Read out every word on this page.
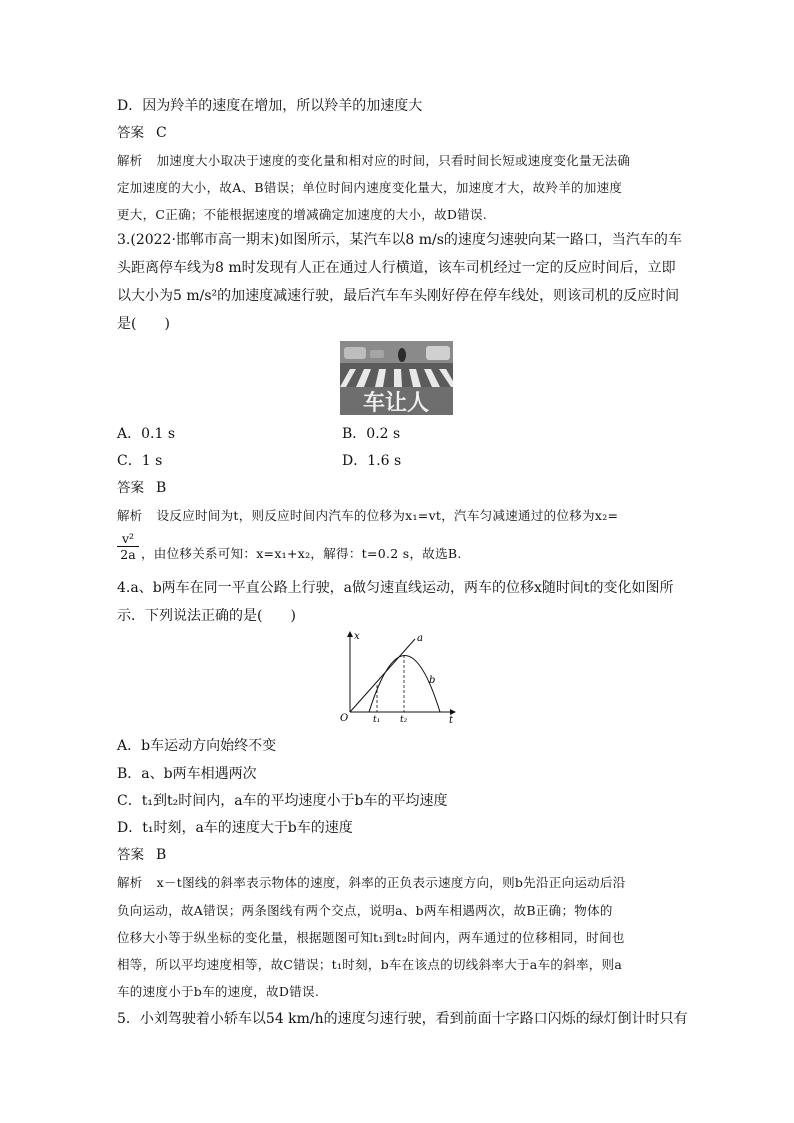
D．因为羚羊的速度在增加，所以羚羊的加速度大
答案 C
解析 加速度大小取决于速度的变化量和相对应的时间，只看时间长短或速度变化量无法确
定加速度的大小，故A、B错误；单位时间内速度变化量大，加速度才大，故羚羊的加速度
更大，C正确；不能根据速度的增减确定加速度的大小，故D错误.
3.(2022·邯郸市高一期末)如图所示，某汽车以8 m/s的速度匀速驶向某一路口，当汽车的车
头距离停车线为8 m时发现有人正在通过人行横道，该车司机经过一定的反应时间后，立即
以大小为5 m/s²的加速度减速行驶，最后汽车车头刚好停在停车线处，则该司机的反应时间
是(　　)
车让人
A．0.1 s	B．0.2 s
C．1 s	D．1.6 s
答案 B
解析 设反应时间为t，则反应时间内汽车的位移为x₁=vt，汽车匀减速通过的位移为x₂=
$\frac{\text{v²}}{2a}$ ，由位移关系可知：x=x₁+x₂，解得：t=0.2 s，故选B.
4.a、b两车在同一平直公路上行驶，a做匀速直线运动，两车的位移x随时间t的变化如图所
示．下列说法正确的是(　　)
x
t
O
a
b
t₁ t₂
A．b车运动方向始终不变
B．a、b两车相遇两次
C．t₁到t₂时间内，a车的平均速度小于b车的平均速度
D．t₁时刻，a车的速度大于b车的速度
答案 B
解析 x－t图线的斜率表示物体的速度，斜率的正负表示速度方向，则b先沿正向运动后沿
负向运动，故A错误；两条图线有两个交点，说明a、b两车相遇两次，故B正确；物体的
位移大小等于纵坐标的变化量，根据题图可知t₁到t₂时间内，两车通过的位移相同，时间也
相等，所以平均速度相等，故C错误；t₁时刻，b车在该点的切线斜率大于a车的斜率，则a
车的速度小于b车的速度，故D错误.
5．小刘驾驶着小轿车以54 km/h的速度匀速行驶，看到前面十字路口闪烁的绿灯倒计时只有
